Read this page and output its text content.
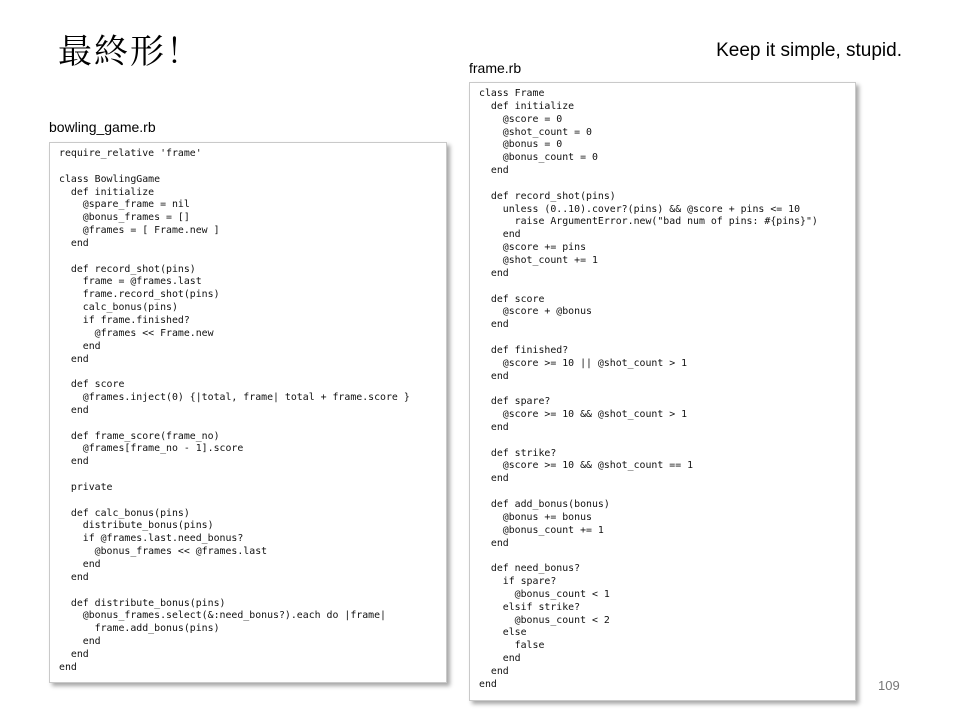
最終形！	Keep it simple, stupid.
bowling_game.rb
require_relative 'frame'

class BowlingGame
def initialize
@spare_frame = nil
@bonus_frames = []
@frames = [ Frame.new ]
end

def record_shot(pins)
frame = @frames.last
frame.record_shot(pins)
calc_bonus(pins)
if frame.finished?
@frames << Frame.new
end
end

def score
@frames.inject(0) {|total, frame| total + frame.score }
end

def frame_score(frame_no)
@frames[frame_no - 1].score
end

private

def calc_bonus(pins)
distribute_bonus(pins)
if @frames.last.need_bonus?
@bonus_frames << @frames.last
end
end

def distribute_bonus(pins)
@bonus_frames.select(&:need_bonus?).each do |frame|
frame.add_bonus(pins)
end
end
end
frame.rb
class Frame
def initialize
@score = 0
@shot_count = 0
@bonus = 0
@bonus_count = 0
end

def record_shot(pins)
unless (0..10).cover?(pins) && @score + pins <= 10
raise ArgumentError.new("bad num of pins: #{pins}")
end
@score += pins
@shot_count += 1
end

def score
@score + @bonus
end

def finished?
@score >= 10 || @shot_count > 1
end

def spare?
@score >= 10 && @shot_count > 1
end

def strike?
@score >= 10 && @shot_count == 1
end

def add_bonus(bonus)
@bonus += bonus
@bonus_count += 1
end

def need_bonus?
if spare?
@bonus_count < 1
elsif strike?
@bonus_count < 2
else
false
end
end
end	109
